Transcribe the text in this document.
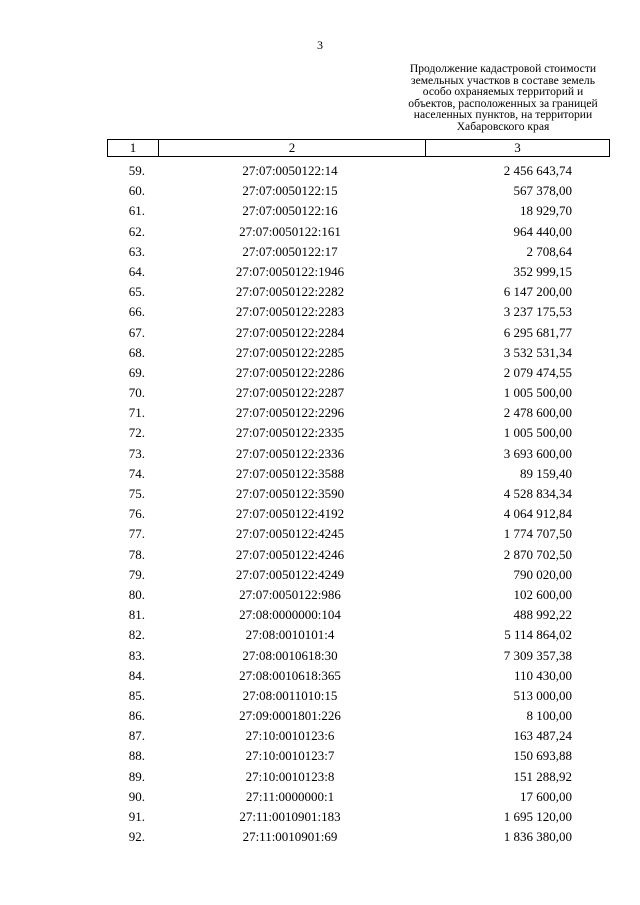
3
Продолжение кадастровой стоимости
земельных участков в составе земель
особо охраняемых территорий и
объектов, расположенных за границей
населенных пунктов, на территории
Хабаровского края
1	2	3
59.	27:07:0050122:14	2 456 643,74
60.	27:07:0050122:15	567 378,00
61.	27:07:0050122:16	18 929,70
62.	27:07:0050122:161	964 440,00
63.	27:07:0050122:17	2 708,64
64.	27:07:0050122:1946	352 999,15
65.	27:07:0050122:2282	6 147 200,00
66.	27:07:0050122:2283	3 237 175,53
67.	27:07:0050122:2284	6 295 681,77
68.	27:07:0050122:2285	3 532 531,34
69.	27:07:0050122:2286	2 079 474,55
70.	27:07:0050122:2287	1 005 500,00
71.	27:07:0050122:2296	2 478 600,00
72.	27:07:0050122:2335	1 005 500,00
73.	27:07:0050122:2336	3 693 600,00
74.	27:07:0050122:3588	89 159,40
75.	27:07:0050122:3590	4 528 834,34
76.	27:07:0050122:4192	4 064 912,84
77.	27:07:0050122:4245	1 774 707,50
78.	27:07:0050122:4246	2 870 702,50
79.	27:07:0050122:4249	790 020,00
80.	27:07:0050122:986	102 600,00
81.	27:08:0000000:104	488 992,22
82.	27:08:0010101:4	5 114 864,02
83.	27:08:0010618:30	7 309 357,38
84.	27:08:0010618:365	110 430,00
85.	27:08:0011010:15	513 000,00
86.	27:09:0001801:226	8 100,00
87.	27:10:0010123:6	163 487,24
88.	27:10:0010123:7	150 693,88
89.	27:10:0010123:8	151 288,92
90.	27:11:0000000:1	17 600,00
91.	27:11:0010901:183	1 695 120,00
92.	27:11:0010901:69	1 836 380,00
